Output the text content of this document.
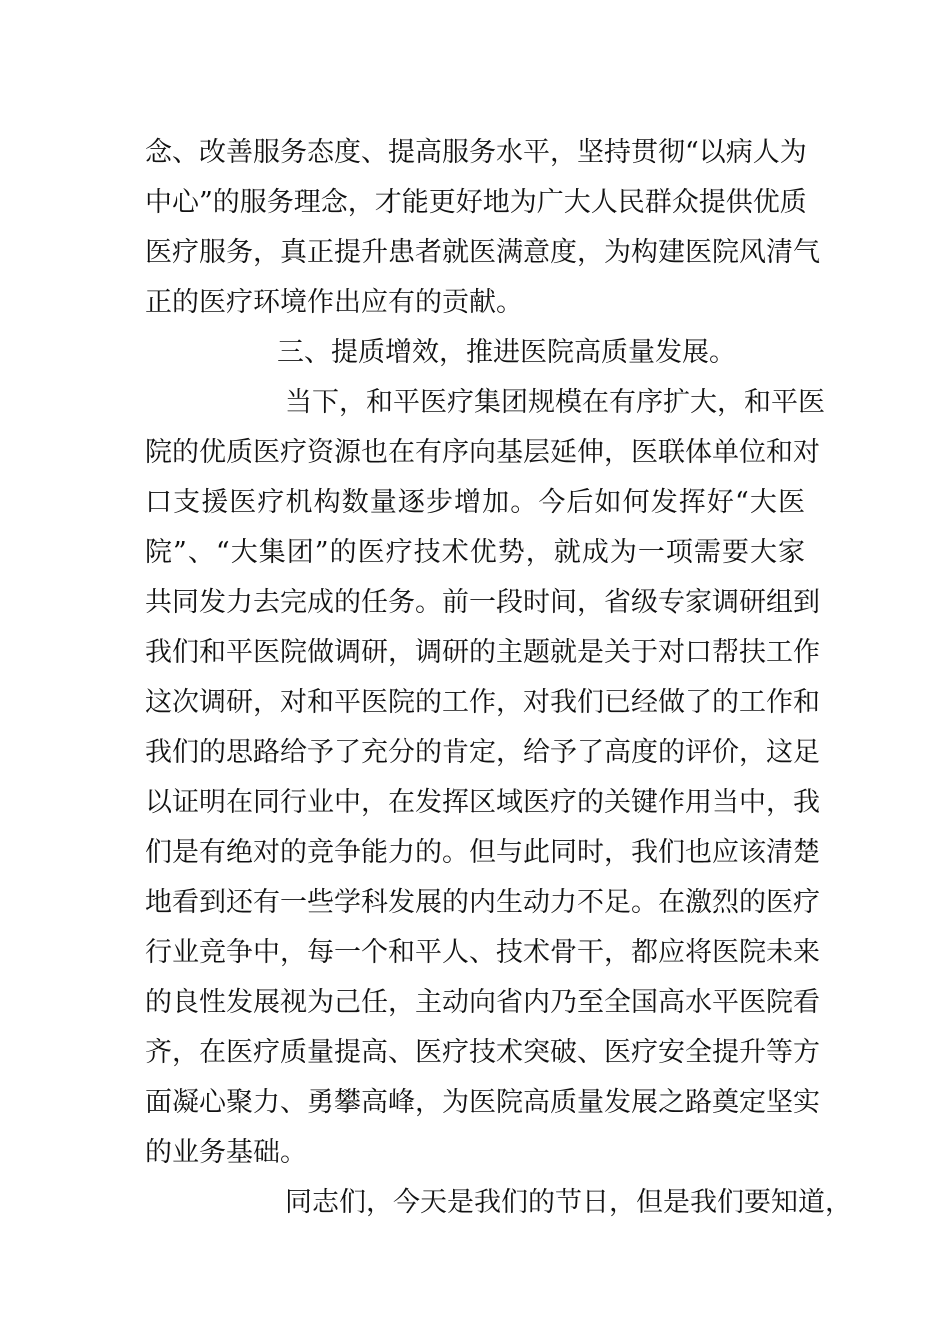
念、改善服务态度、提高服务水平，坚持贯彻“以病人为
中心”的服务理念，才能更好地为广大人民群众提供优质
医疗服务，真正提升患者就医满意度，为构建医院风清气
正的医疗环境作出应有的贡献。
三、提质增效，推进医院高质量发展。
当下，和平医疗集团规模在有序扩大，和平医
院的优质医疗资源也在有序向基层延伸，医联体单位和对
口支援医疗机构数量逐步增加。今后如何发挥好“大医
院”、“大集团”的医疗技术优势，就成为一项需要大家
共同发力去完成的任务。前一段时间，省级专家调研组到
我们和平医院做调研，调研的主题就是关于对口帮扶工作
这次调研，对和平医院的工作，对我们已经做了的工作和
我们的思路给予了充分的肯定，给予了高度的评价，这足
以证明在同行业中，在发挥区域医疗的关键作用当中，我
们是有绝对的竞争能力的。但与此同时，我们也应该清楚
地看到还有一些学科发展的内生动力不足。在激烈的医疗
行业竞争中，每一个和平人、技术骨干，都应将医院未来
的良性发展视为己任，主动向省内乃至全国高水平医院看
齐，在医疗质量提高、医疗技术突破、医疗安全提升等方
面凝心聚力、勇攀高峰，为医院高质量发展之路奠定坚实
的业务基础。
同志们，今天是我们的节日，但是我们要知道，
